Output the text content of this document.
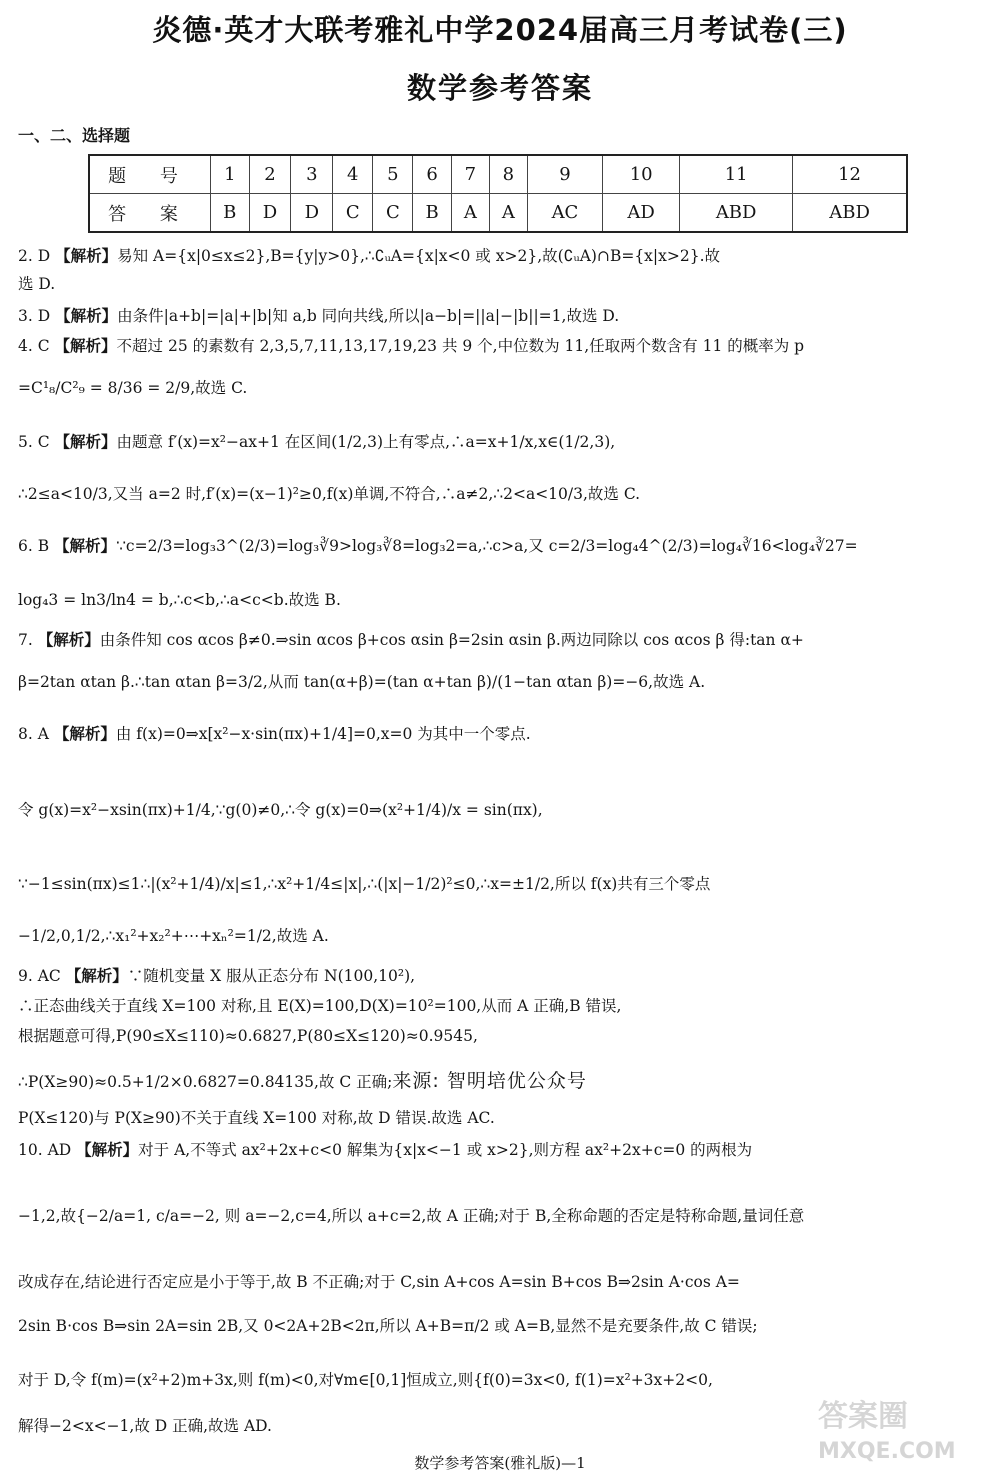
炎德·英才大联考雅礼中学2024届高三月考试卷(三)
数学参考答案
一、二、选择题
题 号	1	2	3	4	5	6	7	8	9	10	11	12
答 案	B	D	D	C	C	B	A	A	AC	AD	ABD	ABD
2. D 【解析】易知 A={x|0≤x≤2},B={y|y>0},∴∁ᵤA={x|x<0 或 x>2},故(∁ᵤA)∩B={x|x>2}.故
选 D.
3. D 【解析】由条件|a+b|=|a|+|b|知 a,b 同向共线,所以|a−b|=||a|−|b||=1,故选 D.
4. C 【解析】不超过 25 的素数有 2,3,5,7,11,13,17,19,23 共 9 个,中位数为 11,任取两个数含有 11 的概率为 p
=C¹₈/C²₉ = 8/36 = 2/9,故选 C.
5. C 【解析】由题意 f′(x)=x²−ax+1 在区间(1/2,3)上有零点,∴a=x+1/x,x∈(1/2,3),
∴2≤a<10/3,又当 a=2 时,f′(x)=(x−1)²≥0,f(x)单调,不符合,∴a≠2,∴2<a<10/3,故选 C.
6. B 【解析】∵c=2/3=log₃3^(2/3)=log₃∛9>log₃∛8=log₃2=a,∴c>a,又 c=2/3=log₄4^(2/3)=log₄∛16<log₄∛27=
log₄3 = ln3/ln4 = b,∴c<b,∴a<c<b.故选 B.
7. 【解析】由条件知 cos αcos β≠0.⇒sin αcos β+cos αsin β=2sin αsin β.两边同除以 cos αcos β 得:tan α+
β=2tan αtan β.∴tan αtan β=3/2,从而 tan(α+β)=(tan α+tan β)/(1−tan αtan β)=−6,故选 A.
8. A 【解析】由 f(x)=0⇒x[x²−x·sin(πx)+1/4]=0,x=0 为其中一个零点.
令 g(x)=x²−xsin(πx)+1/4,∵g(0)≠0,∴令 g(x)=0⇒(x²+1/4)/x = sin(πx),
∵−1≤sin(πx)≤1∴|(x²+1/4)/x|≤1,∴x²+1/4≤|x|,∴(|x|−1/2)²≤0,∴x=±1/2,所以 f(x)共有三个零点
−1/2,0,1/2,∴x₁²+x₂²+⋯+xₙ²=1/2,故选 A.
9. AC 【解析】∵随机变量 X 服从正态分布 N(100,10²),
∴正态曲线关于直线 X=100 对称,且 E(X)=100,D(X)=10²=100,从而 A 正确,B 错误,
根据题意可得,P(90≤X≤110)≈0.6827,P(80≤X≤120)≈0.9545,
∴P(X≥90)≈0.5+1/2×0.6827=0.84135,故 C 正确;来源: 智明培优公众号
P(X≤120)与 P(X≥90)不关于直线 X=100 对称,故 D 错误.故选 AC.
10. AD 【解析】对于 A,不等式 ax²+2x+c<0 解集为{x|x<−1 或 x>2},则方程 ax²+2x+c=0 的两根为
−1,2,故{−2/a=1, c/a=−2, 则 a=−2,c=4,所以 a+c=2,故 A 正确;对于 B,全称命题的否定是特称命题,量词任意
改成存在,结论进行否定应是小于等于,故 B 不正确;对于 C,sin A+cos A=sin B+cos B⇒2sin A·cos A=
2sin B·cos B⇒sin 2A=sin 2B,又 0<2A+2B<2π,所以 A+B=π/2 或 A=B,显然不是充要条件,故 C 错误;
对于 D,令 f(m)=(x²+2)m+3x,则 f(m)<0,对∀m∈[0,1]恒成立,则{f(0)=3x<0, f(1)=x²+3x+2<0,
解得−2<x<−1,故 D 正确,故选 AD.
数学参考答案(雅礼版)—1
答案圈
MXQE.COM
